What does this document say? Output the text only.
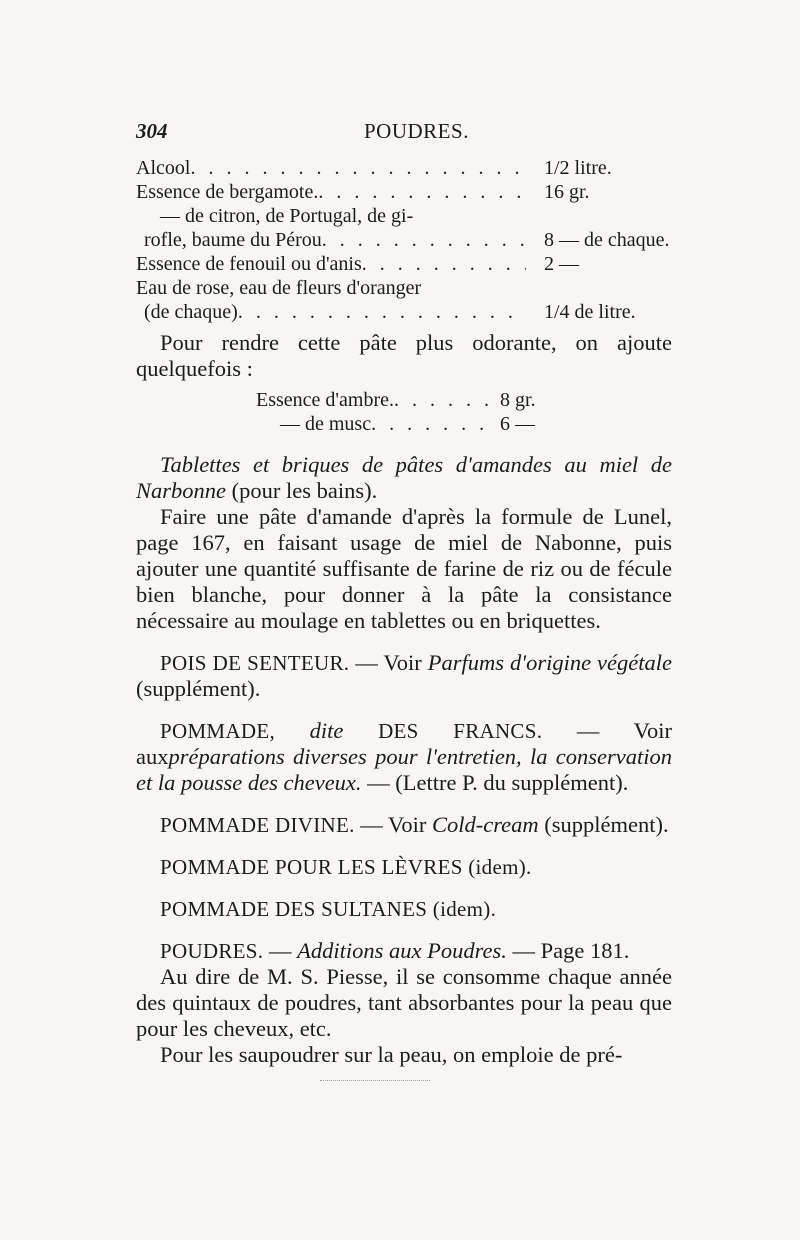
304	POUDRES.
Alcool . . .	1/2 litre.
Essence de bergamote. . . .	16 gr.
— de citron, de Portugal, de gi-
rofle, baume du Pérou . . .	8 — de chaque.
Essence de fenouil ou d'anis . . .	2 —
Eau de rose, eau de fleurs d'oranger
(de chaque) . . .	1/4 de litre.

Pour rendre cette pâte plus odorante, on ajoute quelquefois :

Essence d'ambre. . . .	8 gr.
— de musc . . .	6 —

Tablettes et briques de pâtes d'amandes au miel de Narbonne (pour les bains).

Faire une pâte d'amande d'après la formule de Lunel, page 167, en faisant usage de miel de Nabonne, puis ajouter une quantité suffisante de farine de riz ou de fécule bien blanche, pour donner à la pâte la consistance nécessaire au moulage en tablettes ou en briquettes.

POIS DE SENTEUR. — Voir Parfums d'origine végétale (supplément).

POMMADE, dite DES FRANCS. — Voir auxpréparations diverses pour l'entretien, la conservation et la pousse des cheveux. — (Lettre P. du supplément).

POMMADE DIVINE. — Voir Cold-cream (supplément).

POMMADE POUR LES LÈVRES (idem).

POMMADE DES SULTANES (idem).

POUDRES. — Additions aux Poudres. — Page 181.

Au dire de M. S. Piesse, il se consomme chaque année des quintaux de poudres, tant absorbantes pour la peau que pour les cheveux, etc.

Pour les saupoudrer sur la peau, on emploie de pré-
